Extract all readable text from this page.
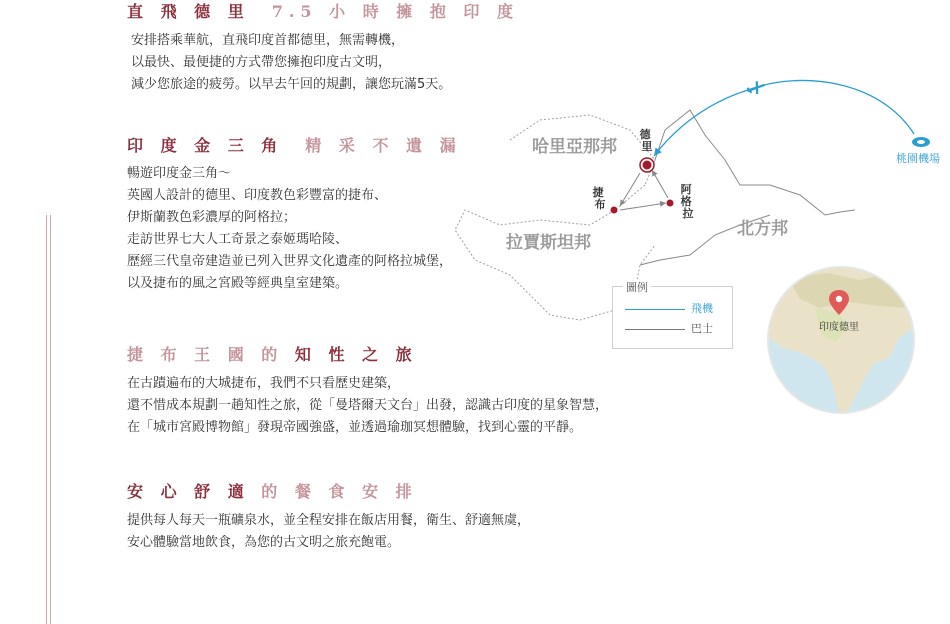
直 飛 德 里 7.5 小 時 擁 抱 印 度
安排搭乘華航，直飛印度首都德里，無需轉機，
以最快、最便捷的方式帶您擁抱印度古文明，
減少您旅途的疲勞。以早去午回的規劃，讓您玩滿5天。
印 度 金 三 角 精 采 不 遺 漏
暢遊印度金三角～
英國人設計的德里、印度教色彩豐富的捷布、
伊斯蘭教色彩濃厚的阿格拉；
走訪世界七大人工奇景之泰姬瑪哈陵、
歷經三代皇帝建造並已列入世界文化遺產的阿格拉城堡，
以及捷布的風之宮殿等經典皇室建築。
捷 布 王 國 的 知 性 之 旅
在古蹟遍布的大城捷布，我們不只看歷史建築，
還不惜成本規劃一趟知性之旅，從「曼塔爾天文台」出發，認識古印度的星象智慧，
在「城市宮殿博物館」發現帝國強盛，並透過瑜珈冥想體驗，找到心靈的平靜。
安 心 舒 適 的 餐 食 安 排
提供每人每天一瓶礦泉水，並全程安排在飯店用餐，衛生、舒適無虞，
安心體驗當地飲食，為您的古文明之旅充飽電。
哈里亞那邦
拉賈斯坦邦
北方邦
桃園機場
德 里
捷 布
阿 格 拉
圖例
飛機
巴士	印度德里
